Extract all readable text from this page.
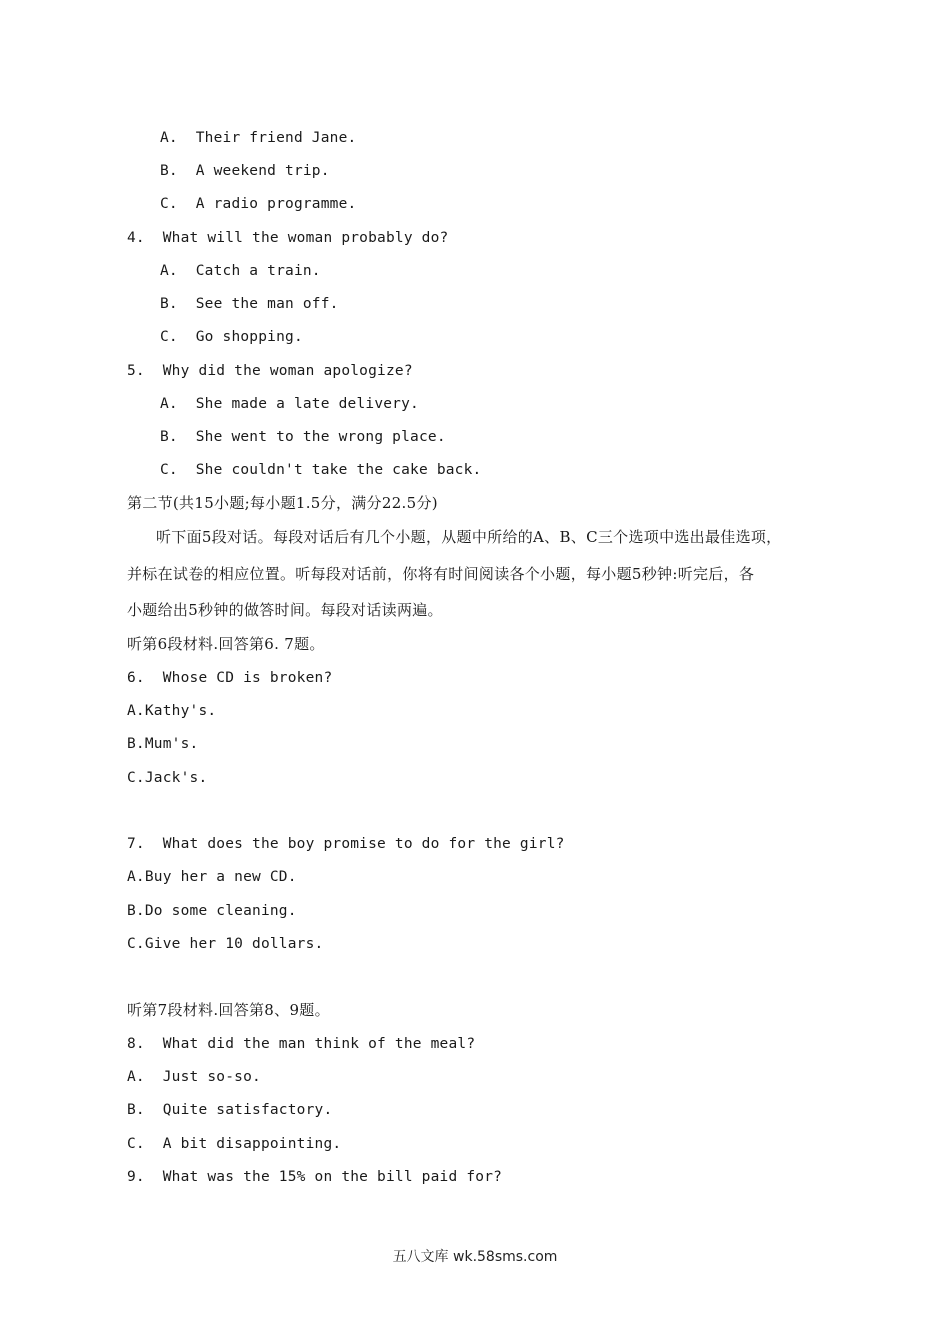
A.  Their friend Jane.
B.  A weekend trip.
C.  A radio programme.
4.  What will the woman probably do?
A.  Catch a train.
B.  See the man off.
C.  Go shopping.
5.  Why did the woman apologize?
A.  She made a late delivery.
B.  She went to the wrong place.
C.  She couldn't take the cake back.
第二节(共15小题;每小题1.5分，满分22.5分)
听下面5段对话。每段对话后有几个小题，从题中所给的A、B、C三个选项中选出最佳选项，
并标在试卷的相应位置。听每段对话前，你将有时间阅读各个小题，每小题5秒钟:听完后，各
小题给出5秒钟的做答时间。每段对话读两遍。
听第6段材料.回答第6. 7题。
6.  Whose CD is broken?
A.Kathy's.
B.Mum's.
C.Jack's.
7.  What does the boy promise to do for the girl?
A.Buy her a new CD.
B.Do some cleaning.
C.Give her 10 dollars.
听第7段材料.回答第8、9题。
8.  What did the man think of the meal?
A.  Just so-so.
B.  Quite satisfactory.
C.  A bit disappointing.
9.  What was the 15% on the bill paid for?
五八文库 wk.58sms.com
